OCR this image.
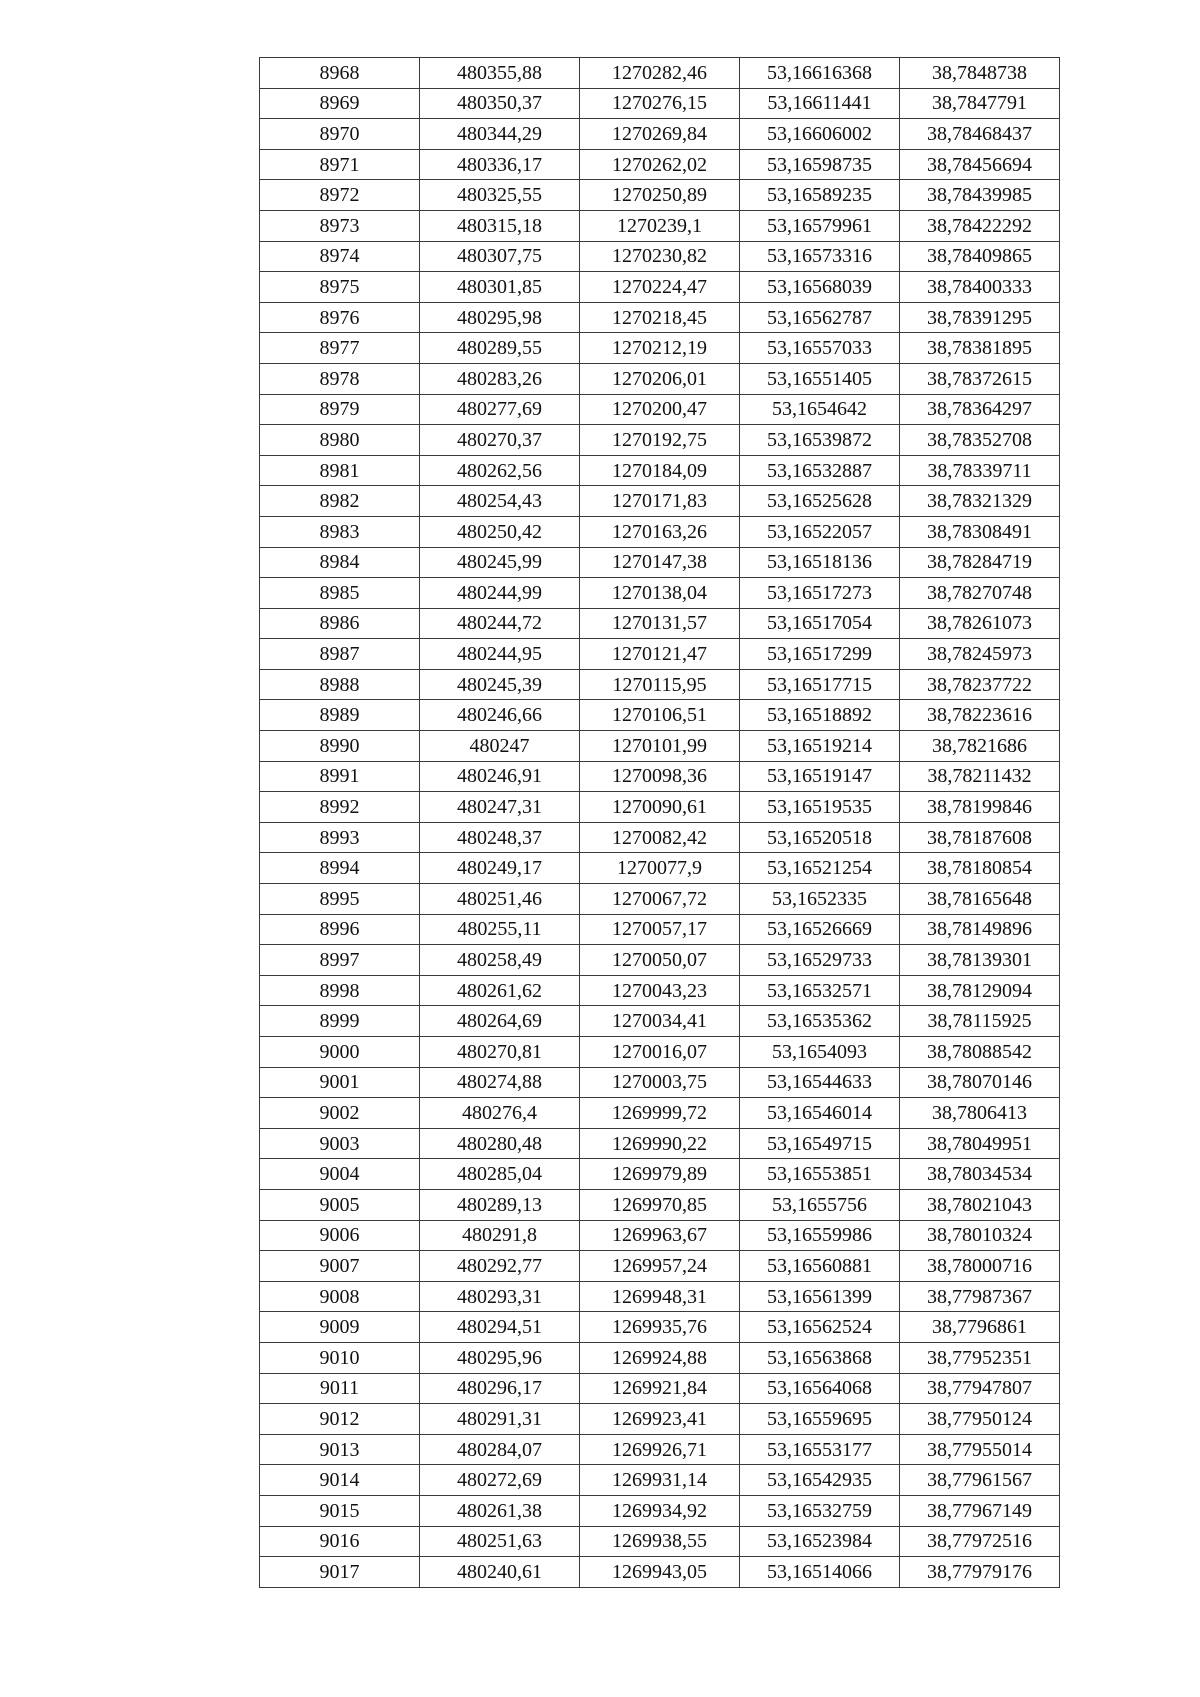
8968	480355,88	1270282,46	53,16616368	38,7848738
8969	480350,37	1270276,15	53,16611441	38,7847791
8970	480344,29	1270269,84	53,16606002	38,78468437
8971	480336,17	1270262,02	53,16598735	38,78456694
8972	480325,55	1270250,89	53,16589235	38,78439985
8973	480315,18	1270239,1	53,16579961	38,78422292
8974	480307,75	1270230,82	53,16573316	38,78409865
8975	480301,85	1270224,47	53,16568039	38,78400333
8976	480295,98	1270218,45	53,16562787	38,78391295
8977	480289,55	1270212,19	53,16557033	38,78381895
8978	480283,26	1270206,01	53,16551405	38,78372615
8979	480277,69	1270200,47	53,1654642	38,78364297
8980	480270,37	1270192,75	53,16539872	38,78352708
8981	480262,56	1270184,09	53,16532887	38,78339711
8982	480254,43	1270171,83	53,16525628	38,78321329
8983	480250,42	1270163,26	53,16522057	38,78308491
8984	480245,99	1270147,38	53,16518136	38,78284719
8985	480244,99	1270138,04	53,16517273	38,78270748
8986	480244,72	1270131,57	53,16517054	38,78261073
8987	480244,95	1270121,47	53,16517299	38,78245973
8988	480245,39	1270115,95	53,16517715	38,78237722
8989	480246,66	1270106,51	53,16518892	38,78223616
8990	480247	1270101,99	53,16519214	38,7821686
8991	480246,91	1270098,36	53,16519147	38,78211432
8992	480247,31	1270090,61	53,16519535	38,78199846
8993	480248,37	1270082,42	53,16520518	38,78187608
8994	480249,17	1270077,9	53,16521254	38,78180854
8995	480251,46	1270067,72	53,1652335	38,78165648
8996	480255,11	1270057,17	53,16526669	38,78149896
8997	480258,49	1270050,07	53,16529733	38,78139301
8998	480261,62	1270043,23	53,16532571	38,78129094
8999	480264,69	1270034,41	53,16535362	38,78115925
9000	480270,81	1270016,07	53,1654093	38,78088542
9001	480274,88	1270003,75	53,16544633	38,78070146
9002	480276,4	1269999,72	53,16546014	38,7806413
9003	480280,48	1269990,22	53,16549715	38,78049951
9004	480285,04	1269979,89	53,16553851	38,78034534
9005	480289,13	1269970,85	53,1655756	38,78021043
9006	480291,8	1269963,67	53,16559986	38,78010324
9007	480292,77	1269957,24	53,16560881	38,78000716
9008	480293,31	1269948,31	53,16561399	38,77987367
9009	480294,51	1269935,76	53,16562524	38,7796861
9010	480295,96	1269924,88	53,16563868	38,77952351
9011	480296,17	1269921,84	53,16564068	38,77947807
9012	480291,31	1269923,41	53,16559695	38,77950124
9013	480284,07	1269926,71	53,16553177	38,77955014
9014	480272,69	1269931,14	53,16542935	38,77961567
9015	480261,38	1269934,92	53,16532759	38,77967149
9016	480251,63	1269938,55	53,16523984	38,77972516
9017	480240,61	1269943,05	53,16514066	38,77979176
